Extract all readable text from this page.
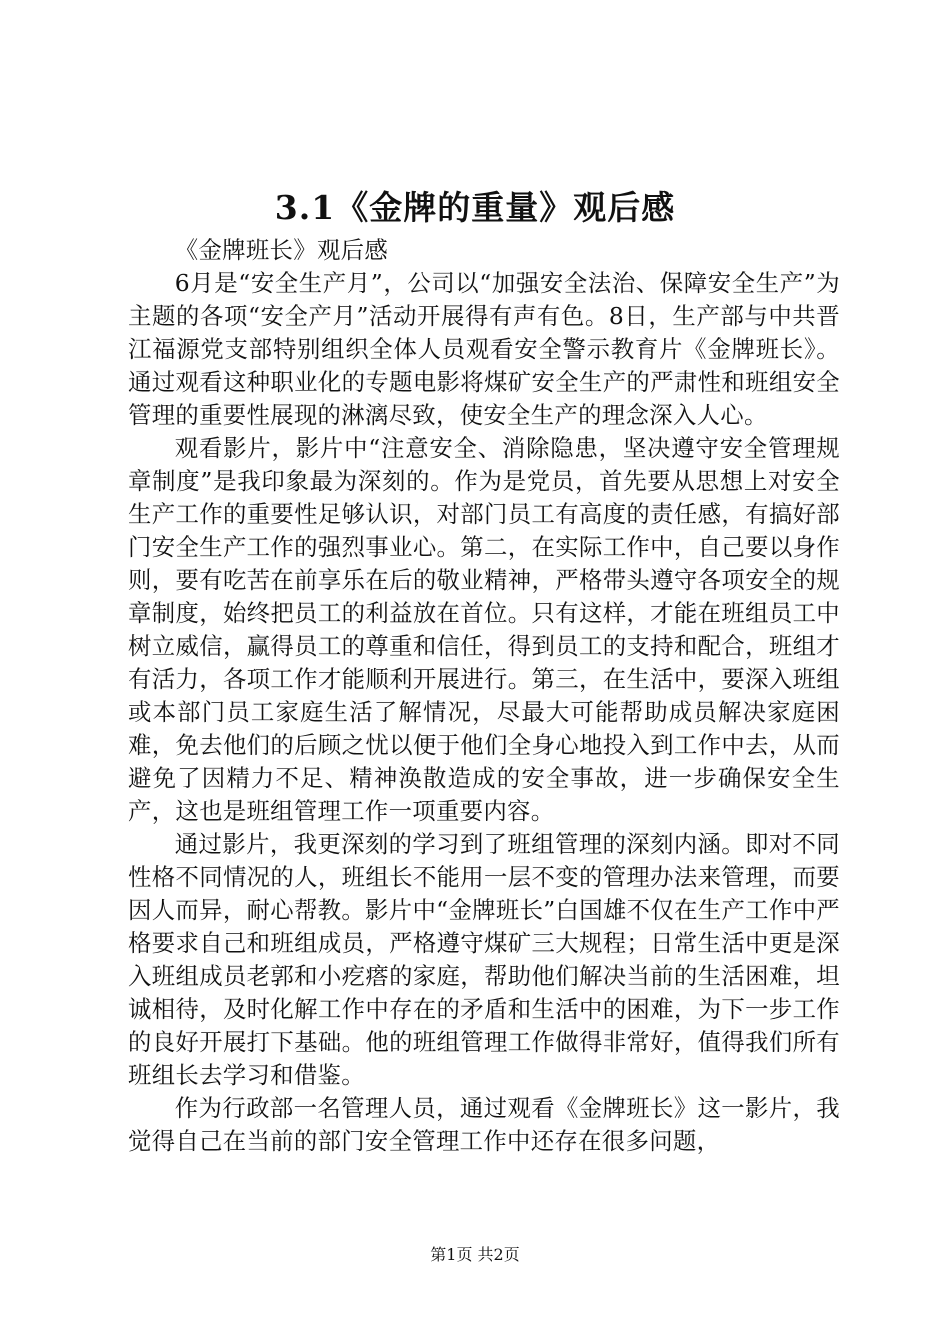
3.1《金牌的重量》观后感

《金牌班长》观后感

6月是“安全生产月”，公司以“加强安全法治、保障安全生产”为主题的各项“安全产月”活动开展得有声有色。8日，生产部与中共晋江福源党支部特别组织全体人员观看安全警示教育片《金牌班长》。通过观看这种职业化的专题电影将煤矿安全生产的严肃性和班组安全管理的重要性展现的淋漓尽致，使安全生产的理念深入人心。

观看影片，影片中“注意安全、消除隐患，坚决遵守安全管理规章制度”是我印象最为深刻的。作为是党员，首先要从思想上对安全生产工作的重要性足够认识，对部门员工有高度的责任感，有搞好部门安全生产工作的强烈事业心。第二，在实际工作中，自己要以身作则，要有吃苦在前享乐在后的敬业精神，严格带头遵守各项安全的规章制度，始终把员工的利益放在首位。只有这样，才能在班组员工中树立威信，赢得员工的尊重和信任，得到员工的支持和配合，班组才有活力，各项工作才能顺利开展进行。第三，在生活中，要深入班组或本部门员工家庭生活了解情况，尽最大可能帮助成员解决家庭困难，免去他们的后顾之忧以便于他们全身心地投入到工作中去，从而避免了因精力不足、精神涣散造成的安全事故，进一步确保安全生产，这也是班组管理工作一项重要内容。

通过影片，我更深刻的学习到了班组管理的深刻内涵。即对不同性格不同情况的人，班组长不能用一层不变的管理办法来管理，而要因人而异，耐心帮教。影片中“金牌班长”白国雄不仅在生产工作中严格要求自己和班组成员，严格遵守煤矿三大规程；日常生活中更是深入班组成员老郭和小疙瘩的家庭，帮助他们解决当前的生活困难，坦诚相待，及时化解工作中存在的矛盾和生活中的困难，为下一步工作的良好开展打下基础。他的班组管理工作做得非常好，值得我们所有班组长去学习和借鉴。

作为行政部一名管理人员，通过观看《金牌班长》这一影片，我觉得自己在当前的部门安全管理工作中还存在很多问题，

第1页 共2页
